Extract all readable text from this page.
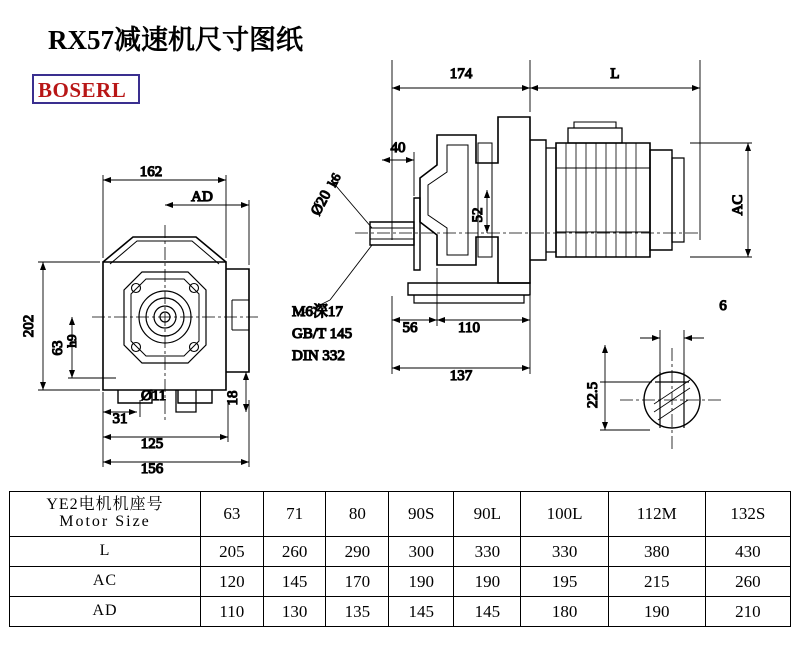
RX57减速机尺寸图纸
BOSERL
162
AD
202
63
h9
Ø11
31
125
156
18
174	L
40
Ø20
k6
52	AC
56	110
137
6
22.5
M6深17
GB/T 145
DIN 332
YE2电机机座号
Motor Size	63	71	80	90S	90L	100L	112M	132S
L	205	260	290	300	330	330	380	430
AC	120	145	170	190	190	195	215	260
AD	110	130	135	145	145	180	190	210
